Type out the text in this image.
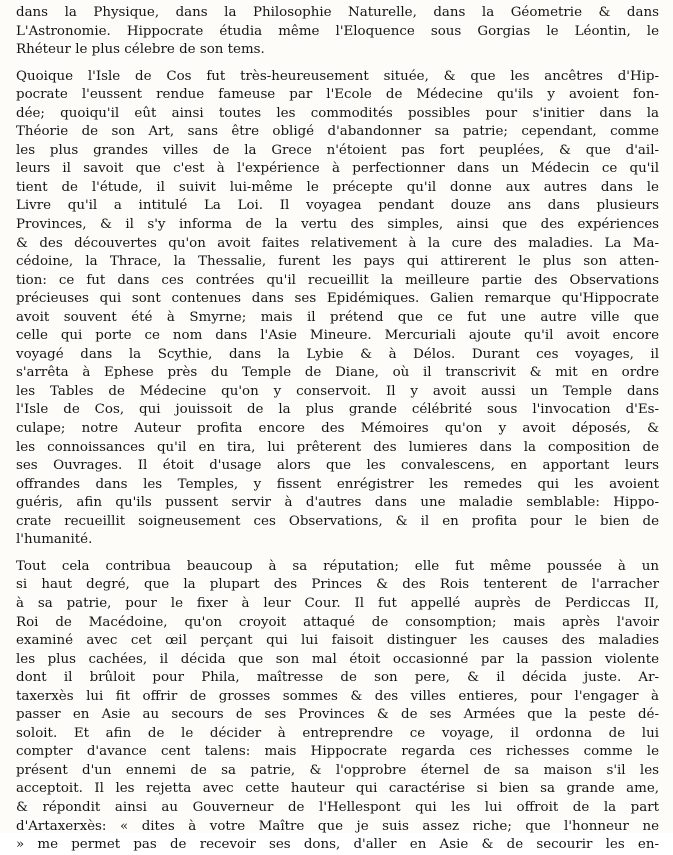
dans la Physique, dans la Philosophie Naturelle, dans la Géometrie & dans
L'Astronomie. Hippocrate étudia même l'Eloquence sous Gorgias le Léontin, le
Rhéteur le plus célebre de son tems.
Quoique l'Isle de Cos fut très-heureusement située, & que les ancêtres d'Hip-
pocrate l'eussent rendue fameuse par l'Ecole de Médecine qu'ils y avoient fon-
dée; quoiqu'il eût ainsi toutes les commodités possibles pour s'initier dans la
Théorie de son Art, sans être obligé d'abandonner sa patrie; cependant, comme
les plus grandes villes de la Grece n'étoient pas fort peuplées, & que d'ail-
leurs il savoit que c'est à l'expérience à perfectionner dans un Médecin ce qu'il
tient de l'étude, il suivit lui-même le précepte qu'il donne aux autres dans le
Livre qu'il a intitulé La Loi. Il voyagea pendant douze ans dans plusieurs
Provinces, & il s'y informa de la vertu des simples, ainsi que des expériences
& des découvertes qu'on avoit faites relativement à la cure des maladies. La Ma-
cédoine, la Thrace, la Thessalie, furent les pays qui attirerent le plus son atten-
tion: ce fut dans ces contrées qu'il recueillit la meilleure partie des Observations
précieuses qui sont contenues dans ses Epidémiques. Galien remarque qu'Hippocrate
avoit souvent été à Smyrne; mais il prétend que ce fut une autre ville que
celle qui porte ce nom dans l'Asie Mineure. Mercuriali ajoute qu'il avoit encore
voyagé dans la Scythie, dans la Lybie & à Délos. Durant ces voyages, il
s'arrêta à Ephese près du Temple de Diane, où il transcrivit & mit en ordre
les Tables de Médecine qu'on y conservoit. Il y avoit aussi un Temple dans
l'Isle de Cos, qui jouissoit de la plus grande célébrité sous l'invocation d'Es-
culape; notre Auteur profita encore des Mémoires qu'on y avoit déposés, &
les connoissances qu'il en tira, lui prêterent des lumieres dans la composition de
ses Ouvrages. Il étoit d'usage alors que les convalescens, en apportant leurs
offrandes dans les Temples, y fissent enrégistrer les remedes qui les avoient
guéris, afin qu'ils pussent servir à d'autres dans une maladie semblable: Hippo-
crate recueillit soigneusement ces Observations, & il en profita pour le bien de
l'humanité.
Tout cela contribua beaucoup à sa réputation; elle fut même poussée à un
si haut degré, que la plupart des Princes & des Rois tenterent de l'arracher
à sa patrie, pour le fixer à leur Cour. Il fut appellé auprès de Perdiccas II,
Roi de Macédoine, qu'on croyoit attaqué de consomption; mais après l'avoir
examiné avec cet œil perçant qui lui faisoit distinguer les causes des maladies
les plus cachées, il décida que son mal étoit occasionné par la passion violente
dont il brûloit pour Phila, maîtresse de son pere, & il décida juste. Ar-
taxerxès lui fit offrir de grosses sommes & des villes entieres, pour l'engager à
passer en Asie au secours de ses Provinces & de ses Armées que la peste dé-
soloit. Et afin de le décider à entreprendre ce voyage, il ordonna de lui
compter d'avance cent talens: mais Hippocrate regarda ces richesses comme le
présent d'un ennemi de sa patrie, & l'opprobre éternel de sa maison s'il les
acceptoit. Il les rejetta avec cette hauteur qui caractérise si bien sa grande ame,
& répondit ainsi au Gouverneur de l'Hellespont qui les lui offroit de la part
d'Artaxerxès: « dites à votre Maître que je suis assez riche; que l'honneur ne
» me permet pas de recevoir ses dons, d'aller en Asie & de secourir les en-
